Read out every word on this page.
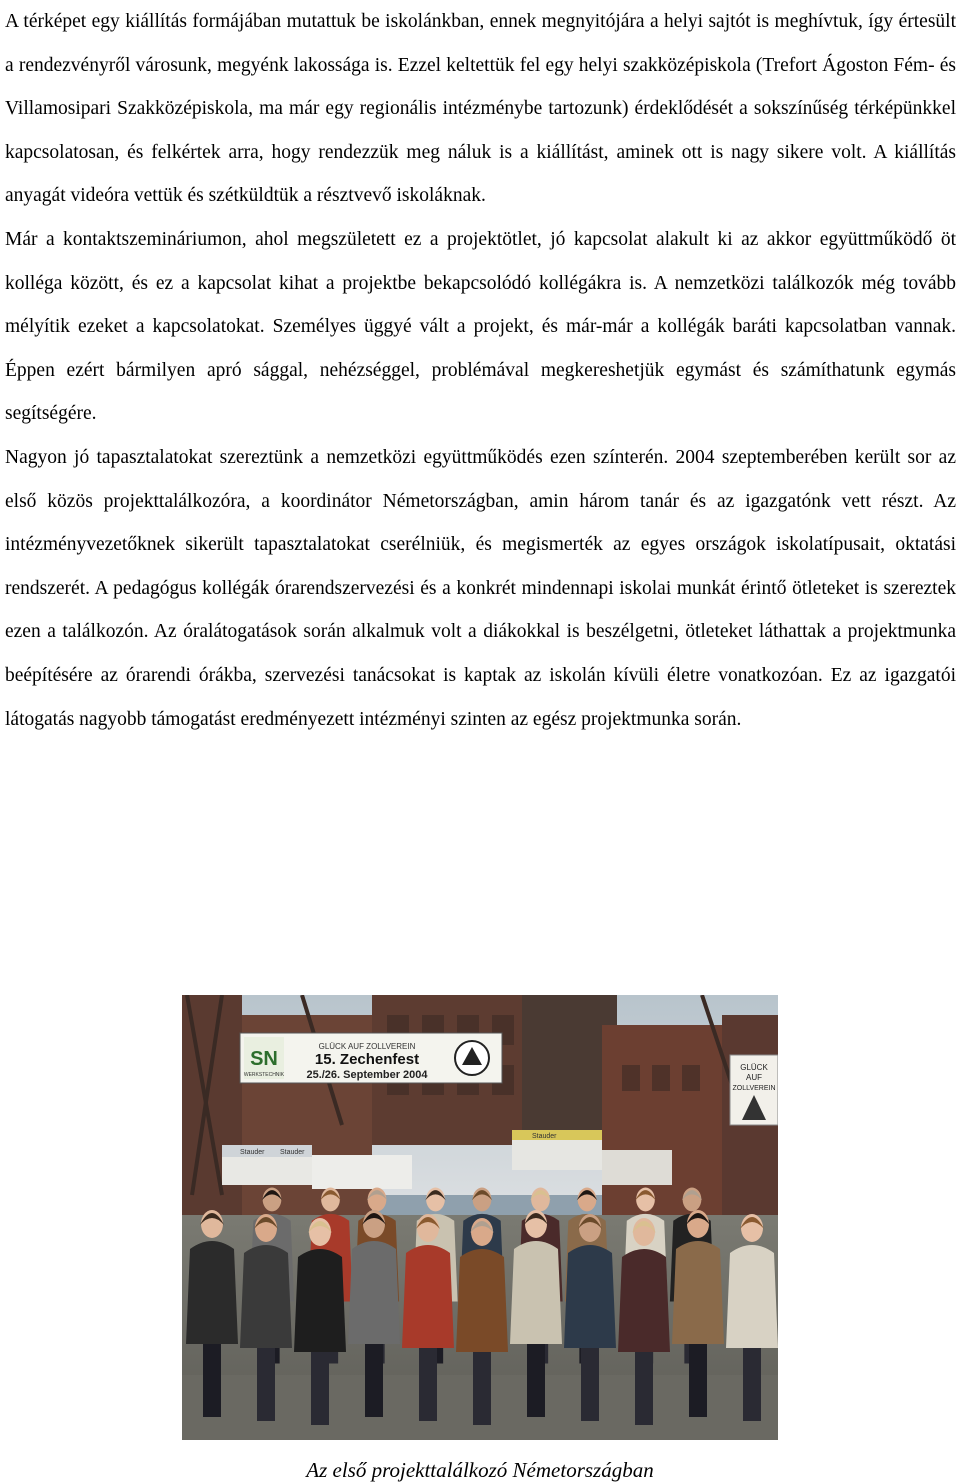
A térképet egy kiállítás formájában mutattuk be iskolánkban, ennek megnyitójára a helyi sajtót is meghívtuk, így értesült a rendezvényről városunk, megyénk lakossága is. Ezzel keltettük fel egy helyi szakközépiskola (Trefort Ágoston Fém- és Villamosipari Szakközépiskola, ma már egy regionális intézménybe tartozunk) érdeklődését a sokszínűség térképünkkel kapcsolatosan, és felkértek arra, hogy rendezzük meg náluk is a kiállítást, aminek ott is nagy sikere volt. A kiállítás anyagát videóra vettük és szétküldtük a résztvevő iskoláknak.

Már a kontaktszemináriumon, ahol megszületett ez a projektötlet, jó kapcsolat alakult ki az akkor együttműködő öt kolléga között, és ez a kapcsolat kihat a projektbe bekapcsolódó kollégákra is. A nemzetközi találkozók még tovább mélyítik ezeket a kapcsolatokat. Személyes üggyé vált a projekt, és már-már a kollégák baráti kapcsolatban vannak. Éppen ezért bármilyen apró sággal, nehézséggel, problémával megkereshetjük egymást és számíthatunk egymás segítségére.

Nagyon jó tapasztalatokat szereztünk a nemzetközi együttműködés ezen színterén. 2004 szeptemberében került sor az első közös projekttalálkozóra, a koordinátor Németországban, amin három tanár és az igazgatónk vett részt. Az intézményvezetőknek sikerült tapasztalatokat cserélniük, és megismerték az egyes országok iskolatípusait, oktatási rendszerét. A pedagógus kollégák órarendszervezési és a konkrét mindennapi iskolai munkát érintő ötleteket is szereztek ezen a találkozón. Az óralátogatások során alkalmuk volt a diákokkal is beszélgetni, ötleteket láthattak a projektmunka beépítésére az órarendi órákba, szervezési tanácsokat is kaptak az iskolán kívüli életre vonatkozóan. Ez az igazgatói látogatás nagyobb támogatást eredményezett intézményi szinten az egész projektmunka során.

SN
WERKSTECHNIK
GLÜCK AUF ZOLLVEREIN
15. Zechenfest
25./26. September 2004
GLÜCK
AUF
ZOLLVEREIN
Stauder Stauder
Stauder
Az első projekttalálkozó Németországban
